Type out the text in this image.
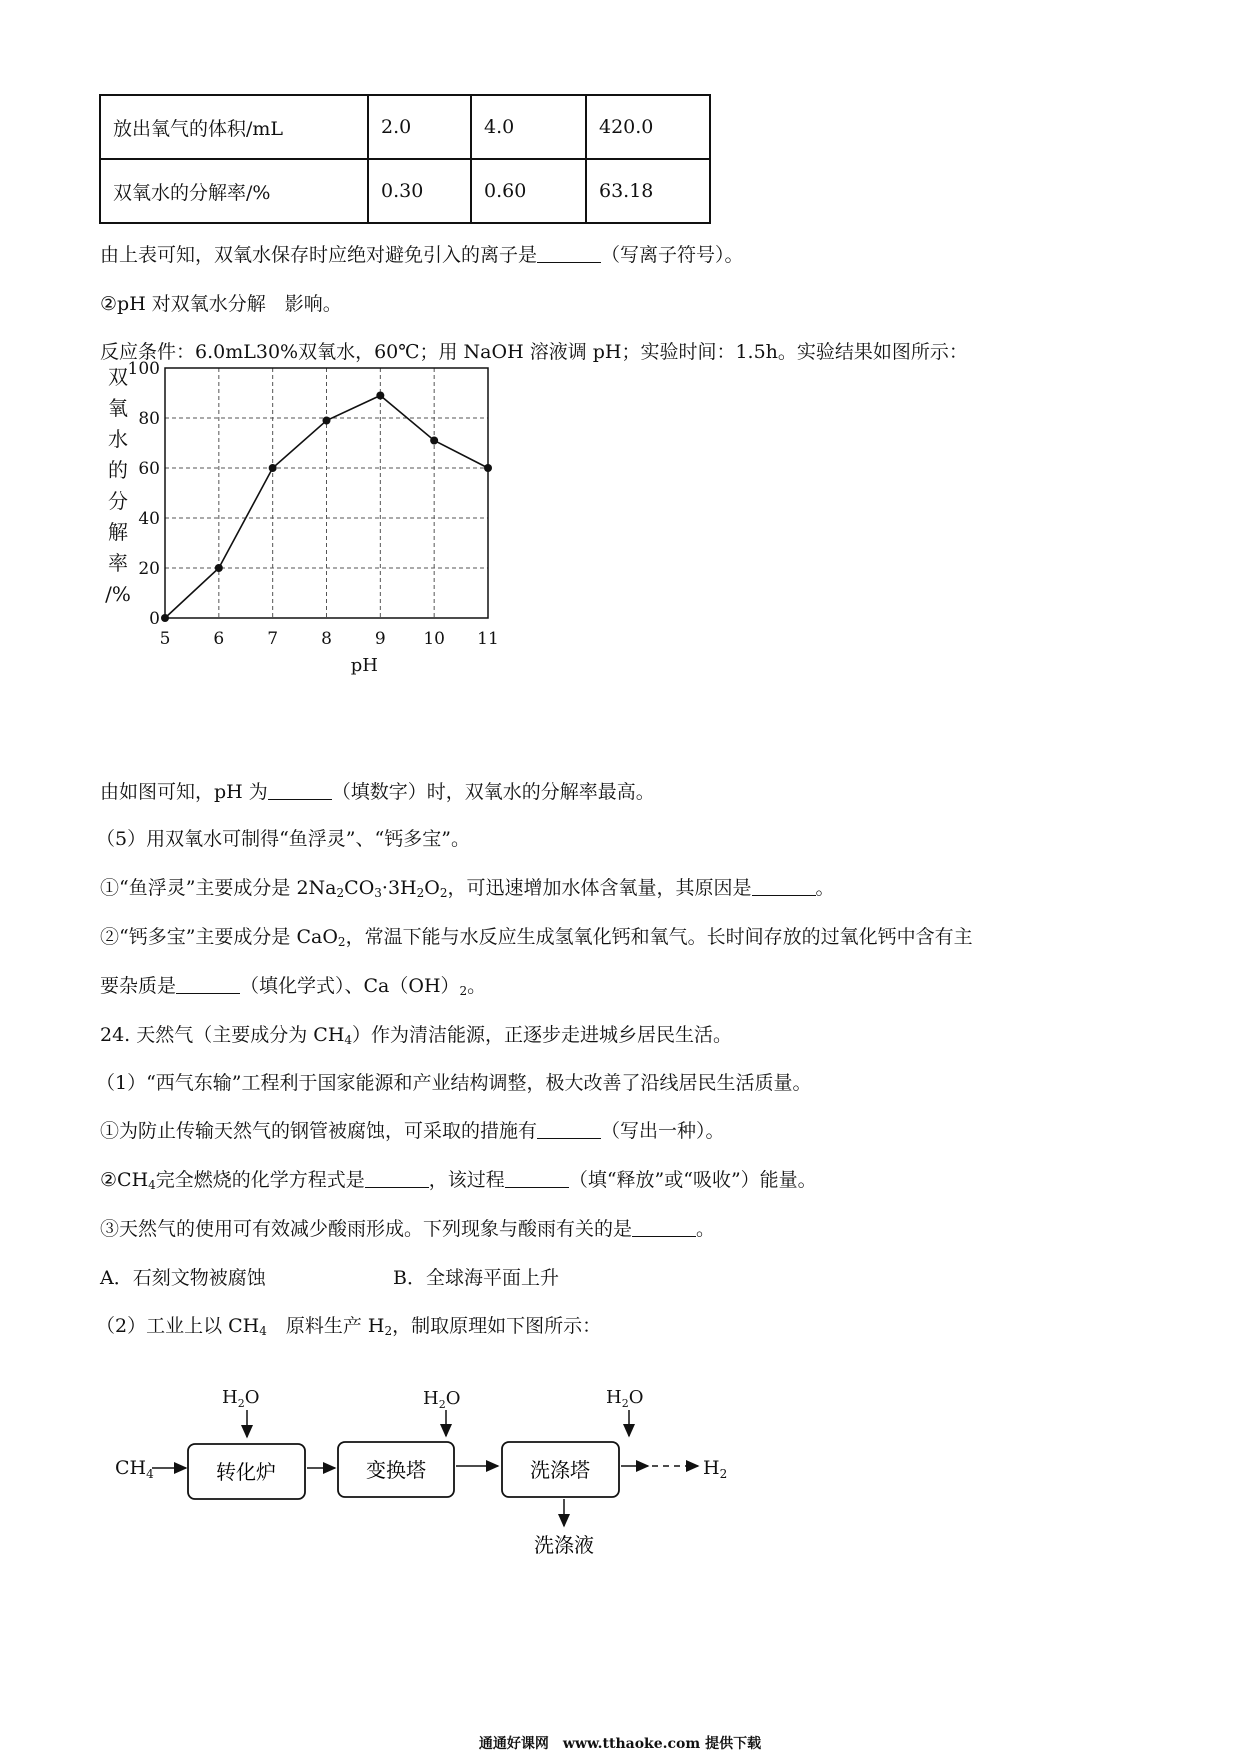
放出氧气的体积/mL	2.0	4.0	420.0
双氧水的分解率/%	0.30	0.60	63.18
由上表可知，双氧水保存时应绝对避免引入的离子是	（写离子符号）。
②pH 对双氧水分解　影响。
反应条件：6.0mL30%双氧水，60℃；用 NaOH 溶液调 pH；实验时间：1.5h。实验结果如图所示：
0
20
40
60
80
100
5	6	7	8	9 10 11
pH
双
氧
水
的
分
解
率
/%
由如图可知，pH 为	（填数字）时，双氧水的分解率最高。
（5）用双氧水可制得“鱼浮灵”、“钙多宝”。
①“鱼浮灵”主要成分是 $2Na_2CO_3\cdot 3H_2O_2$，可迅速增加水体含氧量，其原因是	。
②“钙多宝”主要成分是 CaO$_2$，常温下能与水反应生成氢氧化钙和氧气。长时间存放的过氧化钙中含有主
要杂质是	（填化学式）、$Ca(OH)_2$。
24. 天然气（主要成分为 $CH_4$）作为清洁能源，正逐步走进城乡居民生活。
（1）“西气东输”工程利于国家能源和产业结构调整，极大改善了沿线居民生活质量。
①为防止传输天然气的钢管被腐蚀，可采取的措施有	（写出一种）。
$②CH_4$完全燃烧的化学方程式是	，该过程	（填“释放”或“吸收”）能量。
③天然气的使用可有效减少酸雨形成。下列现象与酸雨有关的是	。
A．石刻文物被腐蚀	B．全球海平面上升
（2）工业上以 $CH_4$　原料生产 $H_2$，制取原理如下图所示：
$CH_4$
$H_2O$	$H_2O$	$H_2O$
转化炉	变换塔	洗涤塔	$H_2$
洗涤液
通通好课网　www.tthaoke.com 提供下载
